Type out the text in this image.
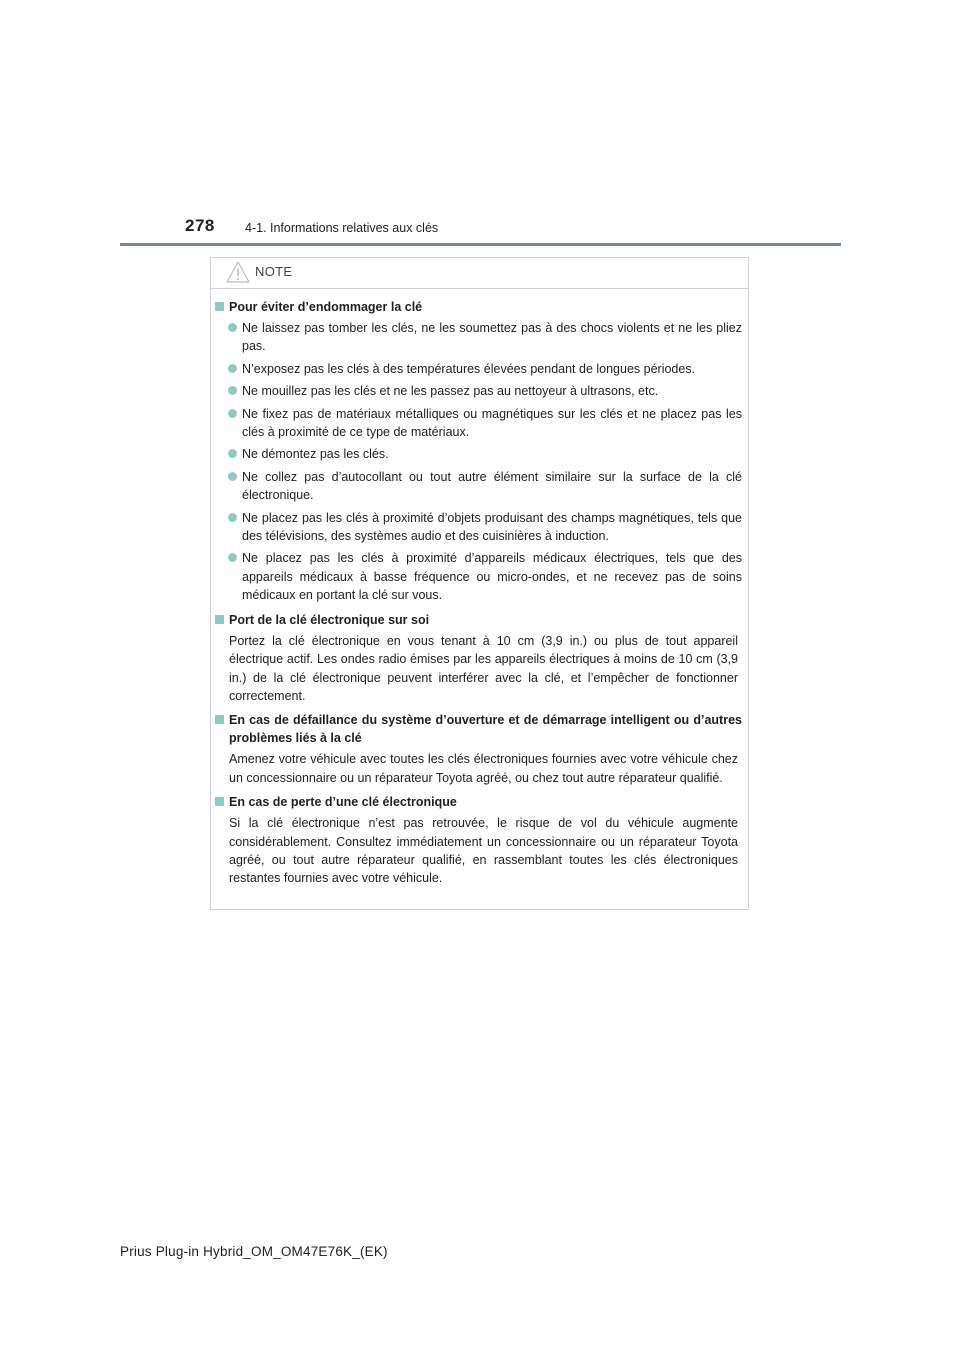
278 4-1. Informations relatives aux clés
NOTE
Pour éviter d’endommager la clé
Ne laissez pas tomber les clés, ne les soumettez pas à des chocs violents et ne les pliez pas.
N’exposez pas les clés à des températures élevées pendant de longues périodes.
Ne mouillez pas les clés et ne les passez pas au nettoyeur à ultrasons, etc.
Ne fixez pas de matériaux métalliques ou magnétiques sur les clés et ne placez pas les clés à proximité de ce type de matériaux.
Ne démontez pas les clés.
Ne collez pas d’autocollant ou tout autre élément similaire sur la surface de la clé électronique.
Ne placez pas les clés à proximité d’objets produisant des champs magnétiques, tels que des télévisions, des systèmes audio et des cuisinières à induction.
Ne placez pas les clés à proximité d’appareils médicaux électriques, tels que des appareils médicaux à basse fréquence ou micro-ondes, et ne recevez pas de soins médicaux en portant la clé sur vous.
Port de la clé électronique sur soi
Portez la clé électronique en vous tenant à 10 cm (3,9 in.) ou plus de tout appareil électrique actif. Les ondes radio émises par les appareils électriques à moins de 10 cm (3,9 in.) de la clé électronique peuvent interférer avec la clé, et l’empêcher de fonctionner correctement.
En cas de défaillance du système d’ouverture et de démarrage intelligent ou d’autres problèmes liés à la clé
Amenez votre véhicule avec toutes les clés électroniques fournies avec votre véhicule chez un concessionnaire ou un réparateur Toyota agréé, ou chez tout autre réparateur qualifié.
En cas de perte d’une clé électronique
Si la clé électronique n’est pas retrouvée, le risque de vol du véhicule augmente considérablement. Consultez immédiatement un concessionnaire ou un réparateur Toyota agréé, ou tout autre réparateur qualifié, en rassemblant toutes les clés électroniques restantes fournies avec votre véhicule.
Prius Plug-in Hybrid_OM_OM47E76K_(EK)
